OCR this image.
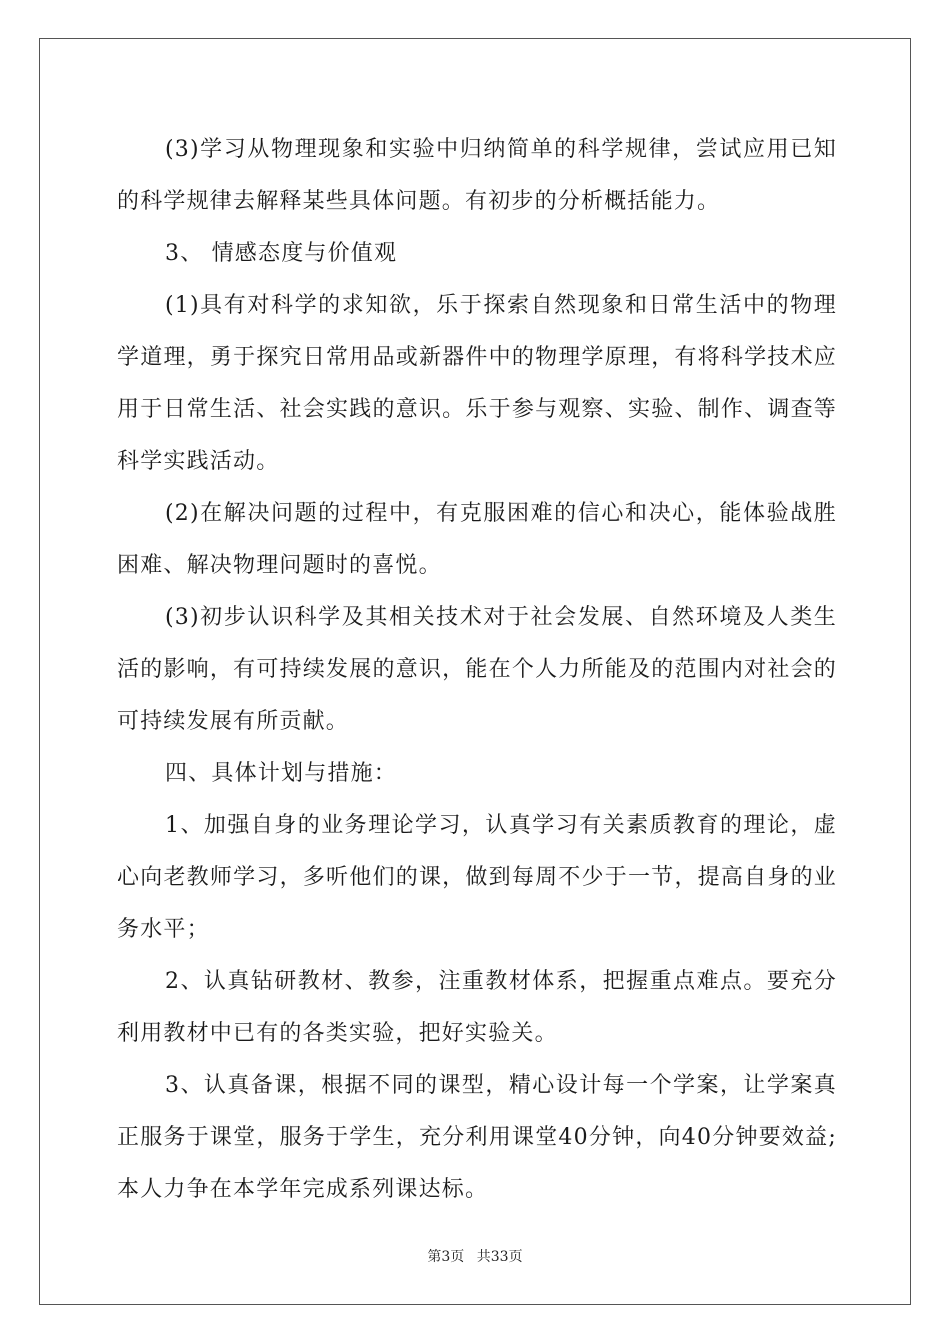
(3)学习从物理现象和实验中归纳简单的科学规律，尝试应用已知的科学规律去解释某些具体问题。有初步的分析概括能力。

3、 情感态度与价值观

(1)具有对科学的求知欲，乐于探索自然现象和日常生活中的物理学道理，勇于探究日常用品或新器件中的物理学原理，有将科学技术应用于日常生活、社会实践的意识。乐于参与观察、实验、制作、调查等科学实践活动。

(2)在解决问题的过程中，有克服困难的信心和决心，能体验战胜困难、解决物理问题时的喜悦。

(3)初步认识科学及其相关技术对于社会发展、自然环境及人类生活的影响，有可持续发展的意识，能在个人力所能及的范围内对社会的可持续发展有所贡献。

四、具体计划与措施：

1、加强自身的业务理论学习，认真学习有关素质教育的理论，虚心向老教师学习，多听他们的课，做到每周不少于一节，提高自身的业务水平；

2、认真钻研教材、教参，注重教材体系，把握重点难点。要充分利用教材中已有的各类实验，把好实验关。

3、认真备课，根据不同的课型，精心设计每一个学案，让学案真正服务于课堂，服务于学生，充分利用课堂40分钟，向40分钟要效益;本人力争在本学年完成系列课达标。

第3页 共33页
